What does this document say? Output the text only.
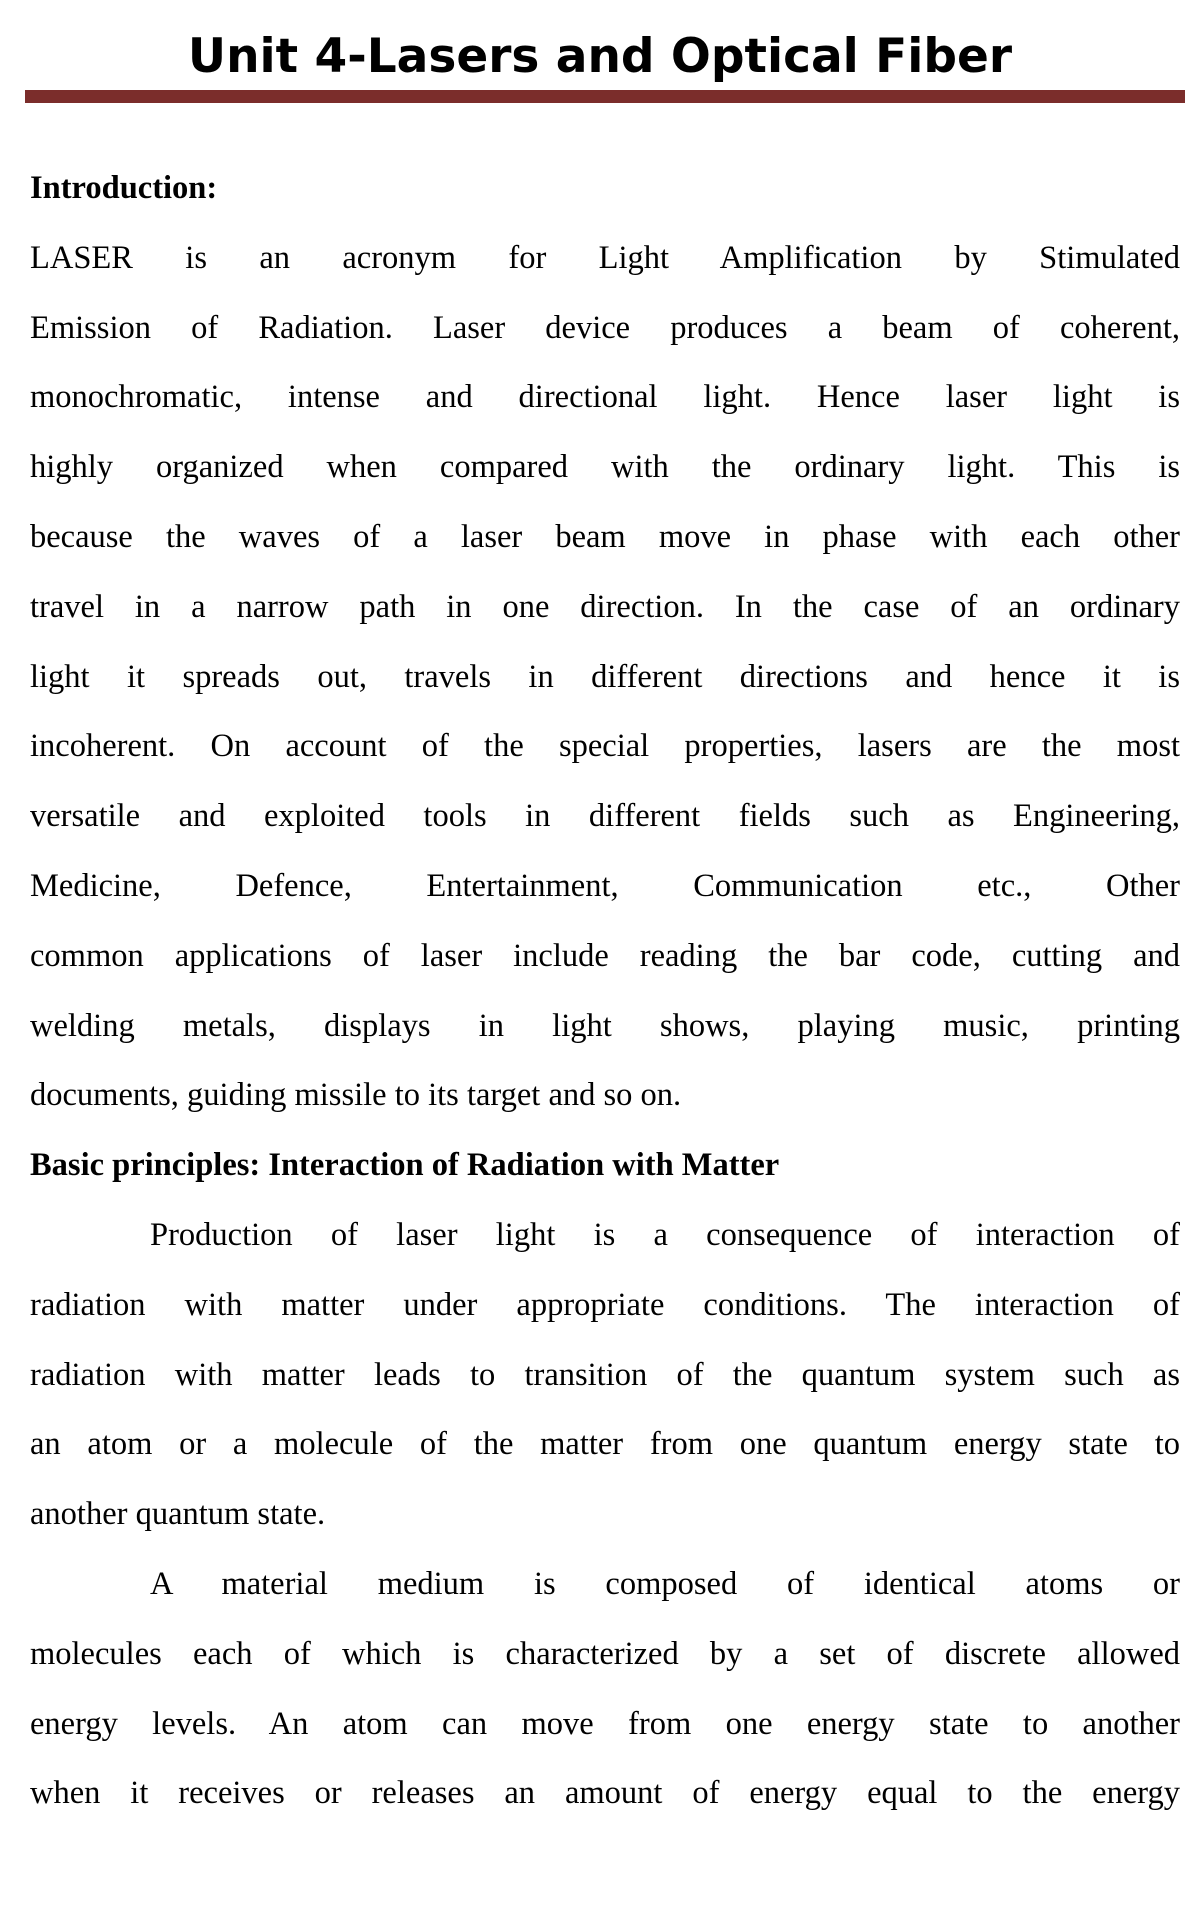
Unit 4-Lasers and Optical Fiber
Introduction:
LASER is an acronym for Light Amplification by Stimulated
Emission of Radiation. Laser device produces a beam of coherent,
monochromatic, intense and directional light. Hence laser light is
highly organized when compared with the ordinary light. This is
because the waves of a laser beam move in phase with each other
travel in a narrow path in one direction. In the case of an ordinary
light it spreads out, travels in different directions and hence it is
incoherent. On account of the special properties, lasers are the most
versatile and exploited tools in different fields such as Engineering,
Medicine, Defence, Entertainment, Communication etc., Other
common applications of laser include reading the bar code, cutting and
welding metals, displays in light shows, playing music, printing
documents, guiding missile to its target and so on.
Basic principles: Interaction of Radiation with Matter
Production of laser light is a consequence of interaction of
radiation with matter under appropriate conditions. The interaction of
radiation with matter leads to transition of the quantum system such as
an atom or a molecule of the matter from one quantum energy state to
another quantum state.
A material medium is composed of identical atoms or
molecules each of which is characterized by a set of discrete allowed
energy levels. An atom can move from one energy state to another
when it receives or releases an amount of energy equal to the energy
